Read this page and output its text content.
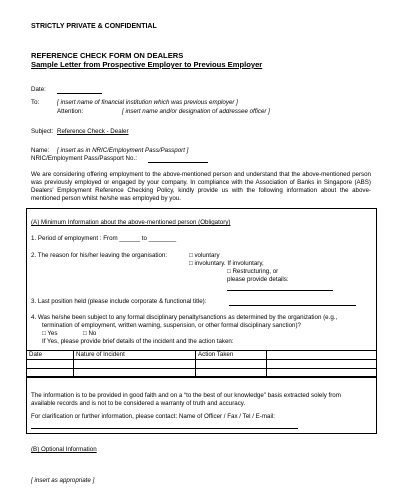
STRICTLY PRIVATE & CONFIDENTIAL
REFERENCE CHECK FORM ON DEALERS
Sample Letter from Prospective Employer to Previous Employer
Date:
To:	[ insert name of financial institution which was previous employer ]
Attention:	[ insert name and/or designation of addressee officer ]
Subject: Reference Check - Dealer
Name: [ insert as in NRIC/Employment Pass/Passport ]
NRIC/Employment Pass/Passport No.:
We are considering offering employment to the above-mentioned person and understand that the above-mentioned person was previously employed or engaged by your company. In compliance with the Association of Banks in Singapore (ABS) Dealers' Employment Reference Checking Policy, kindly provide us with the following information about the above-mentioned person whilst he/she was employed by you.
(A) Minimum Information about the above-mentioned person (Obligatory)
1. Period of employment : From ______ to ________
2. The reason for his/her leaving the organisation:	□ voluntary
□ involuntary. If involuntary,
□ Restructuring, or
please provide details:
3. Last position held (please include corporate & functional title):
4. Was he/she been subject to any formal disciplinary penalty/sanctions as determined by the organization (e.g.,
termination of employment, written warning, suspension, or other formal disciplinary sanction)?
□ Yes	□ No
If Yes, please provide brief details of the incident and the action taken:
Date	Nature of Incident	Action Taken	

The information is to be provided in good faith and on a “to the best of our knowledge” basis extracted solely from available records and is not to be considered a warranty of truth and accuracy.
For clarification or further information, please contact: Name of Officer / Fax / Tel / E-mail:
(B) Optional Information
[ insert as appropriate ]
